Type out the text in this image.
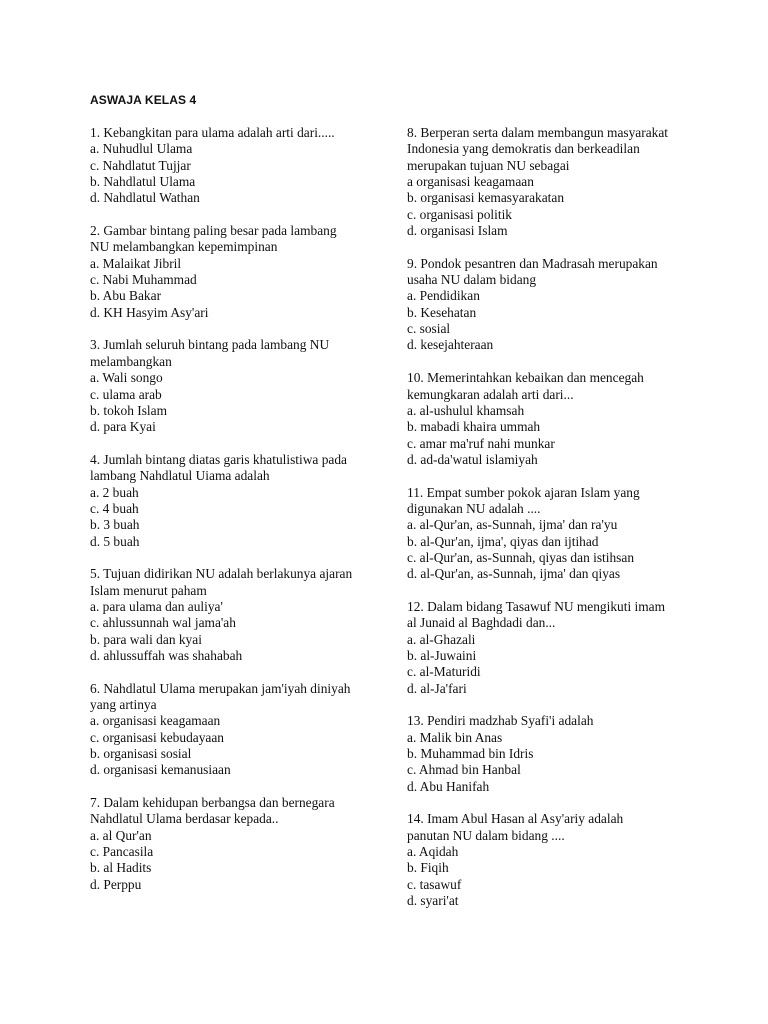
ASWAJA KELAS 4
1. Kebangkitan para ulama adalah arti dari.....
a. Nuhudlul Ulama
c. Nahdlatut Tujjar
b. Nahdlatul Ulama
d. Nahdlatul Wathan
2. Gambar bintang paling besar pada lambang
NU melambangkan kepemimpinan
a. Malaikat Jibril
c. Nabi Muhammad
b. Abu Bakar
d. KH Hasyim Asy'ari
3. Jumlah seluruh bintang pada lambang NU
melambangkan
a. Wali songo
c. ulama arab
b. tokoh Islam
d. para Kyai
4. Jumlah bintang diatas garis khatulistiwa pada
lambang Nahdlatul Uiama adalah
a. 2 buah
c. 4 buah
b. 3 buah
d. 5 buah
5. Tujuan didirikan NU adalah berlakunya ajaran
Islam menurut paham
a. para ulama dan auliya'
c. ahlussunnah wal jama'ah
b. para wali dan kyai
d. ahlussuffah was shahabah
6. Nahdlatul Ulama merupakan jam'iyah diniyah
yang artinya
a. organisasi keagamaan
c. organisasi kebudayaan
b. organisasi sosial
d. organisasi kemanusiaan
7. Dalam kehidupan berbangsa dan bernegara
Nahdlatul Ulama berdasar kepada..
a. al Qur'an
c. Pancasila
b. al Hadits
d. Perppu
8. Berperan serta dalam membangun masyarakat
Indonesia yang demokratis dan berkeadilan
merupakan tujuan NU sebagai
a organisasi keagamaan
b. organisasi kemasyarakatan
c. organisasi politik
d. organisasi Islam
9. Pondok pesantren dan Madrasah merupakan
usaha NU dalam bidang
a. Pendidikan
b. Kesehatan
c. sosial
d. kesejahteraan
10. Memerintahkan kebaikan dan mencegah
kemungkaran adalah arti dari...
a. al-ushulul khamsah
b. mabadi khaira ummah
c. amar ma'ruf nahi munkar
d. ad-da'watul islamiyah
11. Empat sumber pokok ajaran Islam yang
digunakan NU adalah ....
a. al-Qur'an, as-Sunnah, ijma' dan ra'yu
b. al-Qur'an, ijma', qiyas dan ijtihad
c. al-Qur'an, as-Sunnah, qiyas dan istihsan
d. al-Qur'an, as-Sunnah, ijma' dan qiyas
12. Dalam bidang Tasawuf NU mengikuti imam
al Junaid al Baghdadi dan...
a. al-Ghazali
b. al-Juwaini
c. al-Maturidi
d. al-Ja'fari
13. Pendiri madzhab Syafi'i adalah
a. Malik bin Anas
b. Muhammad bin Idris
c. Ahmad bin Hanbal
d. Abu Hanifah
14. Imam Abul Hasan al Asy'ariy adalah
panutan NU dalam bidang ....
a. Aqidah
b. Fiqih
c. tasawuf
d. syari'at
